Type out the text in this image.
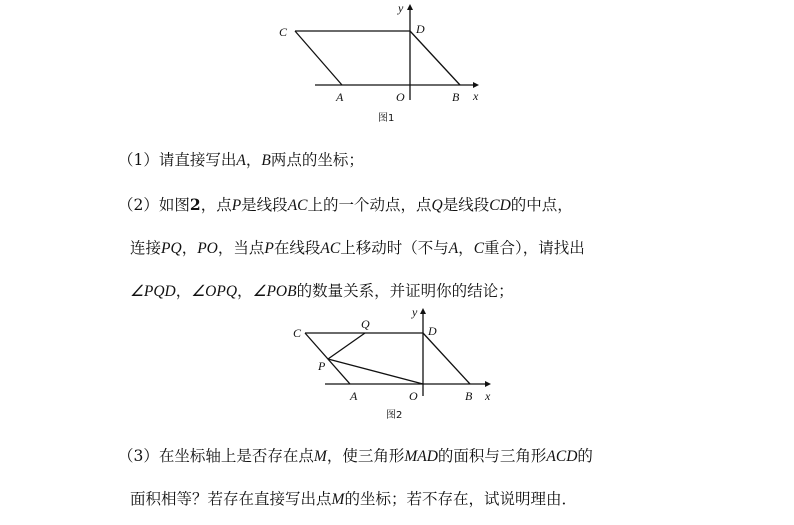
C	D
y
A	O	B x
图1
（1）请直接写出A，B两点的坐标；
（2）如图2，点P是线段AC上的一个动点，点Q是线段CD的中点，
连接PQ，PO，当点P在线段AC上移动时（不与A，C重合），请找出
∠PQD，∠OPQ，∠POB的数量关系，并证明你的结论；
C
Q	D
y
P
A	O	B x
图2
（3）在坐标轴上是否存在点M，使三角形MAD的面积与三角形ACD的
面积相等？若存在直接写出点M的坐标；若不存在，试说明理由．
